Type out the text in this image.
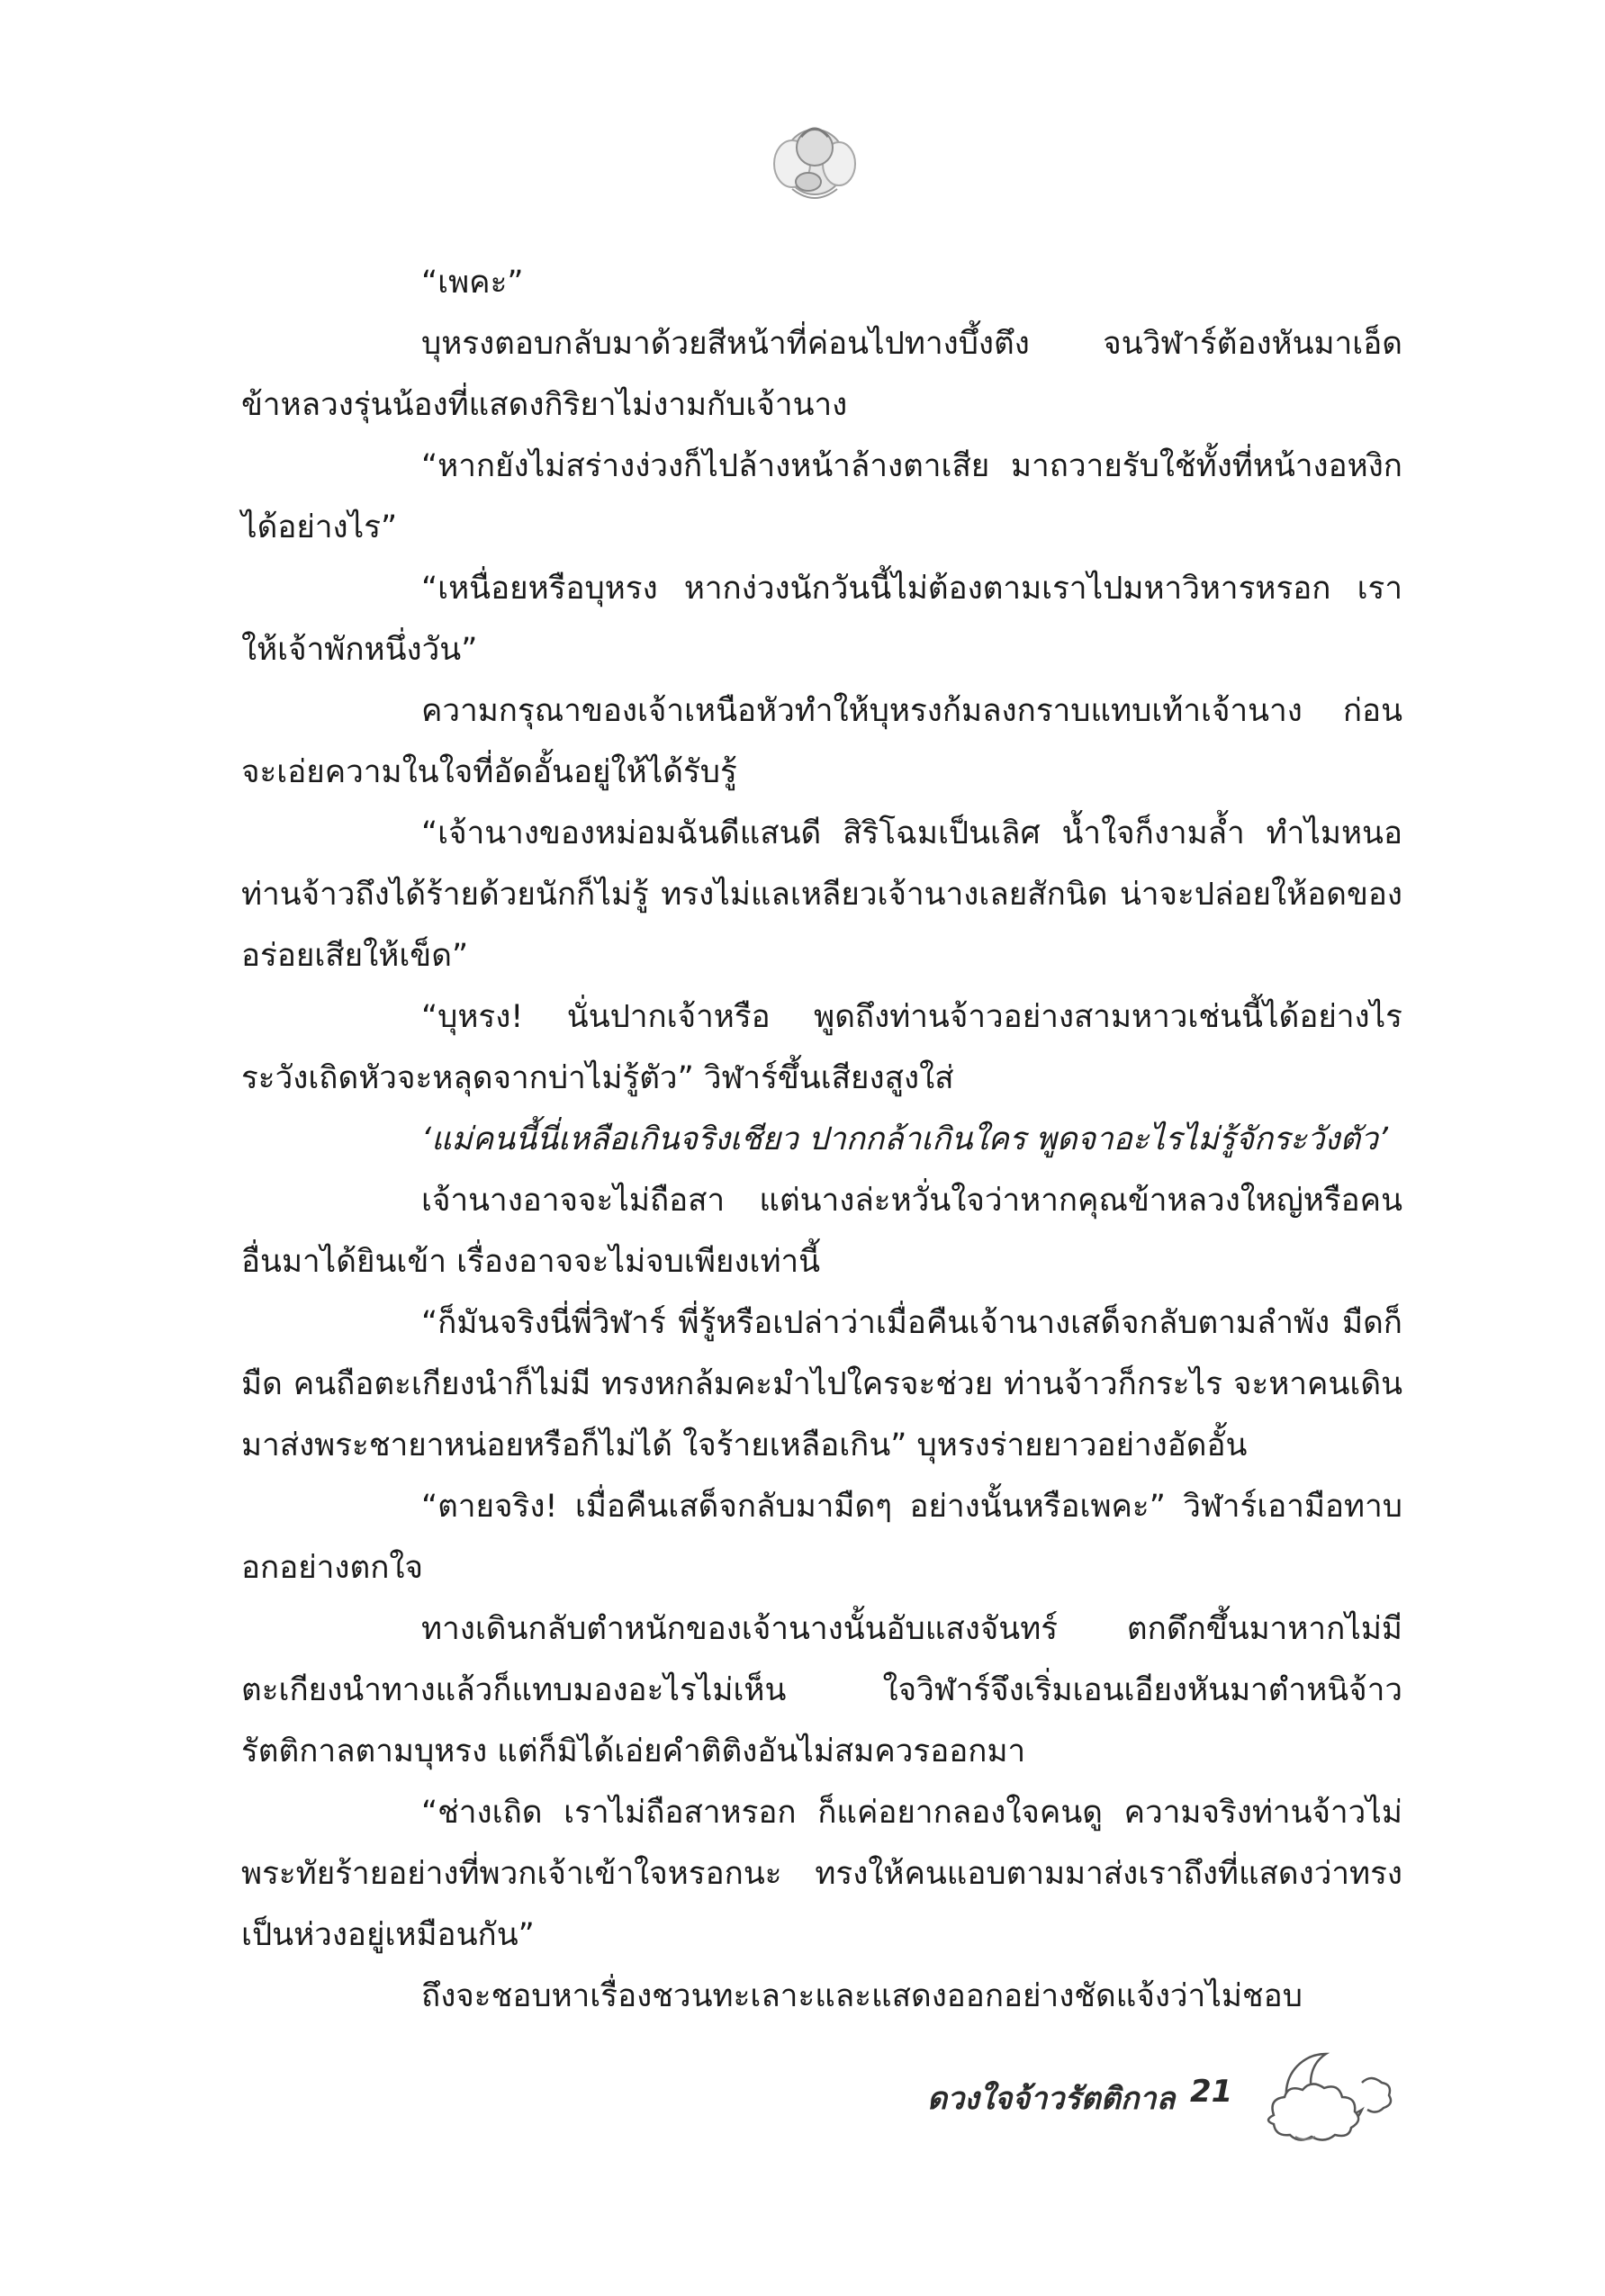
“เพคะ”

บุหรงตอบกลับมาด้วยสีหน้าที่ค่อนไปทางบึ้งตึง จนวิฬาร์ต้องหันมาเอ็ดข้าหลวงรุ่นน้องที่แสดงกิริยาไม่งามกับเจ้านาง

“หากยังไม่สร่างง่วงก็ไปล้างหน้าล้างตาเสีย มาถวายรับใช้ทั้งที่หน้างอหงิกได้อย่างไร”

“เหนื่อยหรือบุหรง หากง่วงนักวันนี้ไม่ต้องตามเราไปมหาวิหารหรอก เราให้เจ้าพักหนึ่งวัน”

ความกรุณาของเจ้าเหนือหัวทำให้บุหรงก้มลงกราบแทบเท้าเจ้านาง ก่อนจะเอ่ยความในใจที่อัดอั้นอยู่ให้ได้รับรู้

“เจ้านางของหม่อมฉันดีแสนดี สิริโฉมเป็นเลิศ น้ำใจก็งามล้ำ ทำไมหนอท่านจ้าวถึงได้ร้ายด้วยนักก็ไม่รู้ ทรงไม่แลเหลียวเจ้านางเลยสักนิด น่าจะปล่อยให้อดของอร่อยเสียให้เข็ด”

“บุหรง! นั่นปากเจ้าหรือ พูดถึงท่านจ้าวอย่างสามหาวเช่นนี้ได้อย่างไร ระวังเถิดหัวจะหลุดจากบ่าไม่รู้ตัว” วิฬาร์ขึ้นเสียงสูงใส่

‘แม่คนนี้นี่เหลือเกินจริงเชียว ปากกล้าเกินใคร พูดจาอะไรไม่รู้จักระวังตัว’

เจ้านางอาจจะไม่ถือสา แต่นางล่ะหวั่นใจว่าหากคุณข้าหลวงใหญ่หรือคนอื่นมาได้ยินเข้า เรื่องอาจจะไม่จบเพียงเท่านี้

“ก็มันจริงนี่พี่วิฬาร์ พี่รู้หรือเปล่าว่าเมื่อคืนเจ้านางเสด็จกลับตามลำพัง มืดก็มืด คนถือตะเกียงนำก็ไม่มี ทรงหกล้มคะมำไปใครจะช่วย ท่านจ้าวก็กระไร จะหาคนเดินมาส่งพระชายาหน่อยหรือก็ไม่ได้ ใจร้ายเหลือเกิน” บุหรงร่ายยาวอย่างอัดอั้น

“ตายจริง! เมื่อคืนเสด็จกลับมามืดๆ อย่างนั้นหรือเพคะ” วิฬาร์เอามือทาบอกอย่างตกใจ

ทางเดินกลับตำหนักของเจ้านางนั้นอับแสงจันทร์ ตกดึกขึ้นมาหากไม่มีตะเกียงนำทางแล้วก็แทบมองอะไรไม่เห็น ใจวิฬาร์จึงเริ่มเอนเอียงหันมาตำหนิจ้าวรัตติกาลตามบุหรง แต่ก็มิได้เอ่ยคำติติงอันไม่สมควรออกมา

“ช่างเถิด เราไม่ถือสาหรอก ก็แค่อยากลองใจคนดู ความจริงท่านจ้าวไม่พระทัยร้ายอย่างที่พวกเจ้าเข้าใจหรอกนะ ทรงให้คนแอบตามมาส่งเราถึงที่แสดงว่าทรงเป็นห่วงอยู่เหมือนกัน”

ถึงจะชอบหาเรื่องชวนทะเลาะและแสดงออกอย่างชัดแจ้งว่าไม่ชอบ

ดวงใจจ้าวรัตติกาล 21
